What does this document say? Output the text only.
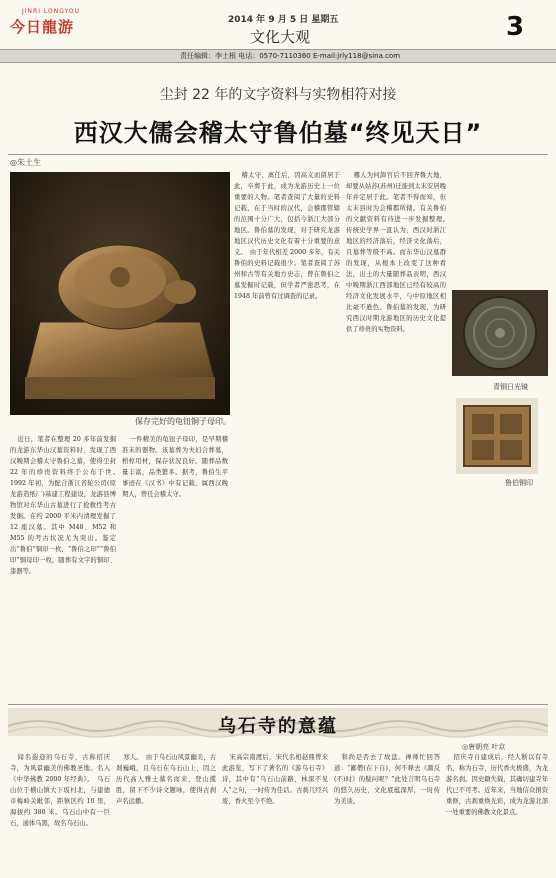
JINRI LONGYOU
今日龍游	2014 年 9 月 5 日 星期五
文化大观	3
责任编辑：李土根 电话：0570-7110360 E-mail:jrly118@sina.com
尘封 22 年的文字资料与实物相符对接
西汉大儒会稽太守鲁伯墓“终见天日”
◎朱土生
保存完好的龟钮铜子母印。

近日，笔者在整理 20 多年前发掘的龙游东华山汉墓资料时，发现了西汉晚期会稽太守鲁伯之墓，使得尘封 22 年的珍贵资料终于公布于世。　1992 年初，为配合浙江省轮公司(原龙游造纸厂)基建工程建设，龙游县博物馆对东华山古墓进行了抢救性考古发掘。在约 2000 平米内清理发掘了 12 座汉墓。其中 M48、M52 和 M55 的考古状况尤为突出。鉴定出“鲁伯”铜印一枚，“鲁伯之印”“鲁伯印”铜母印一枚，随葬有文字的铜印、漆器等。

一件精美的龟钮子母印，是早期稽准末的器物。该墓葬为夫妇合葬墓，棺椁用材，保存状况良好。随葬品数量丰富，品类繁多。据考，鲁伯生平事迹在《汉书》中有记载，属西汉晚期人，曾任会稽太守。

稽太守，离任后，因高义而留居于此，卒葬于此，成为龙游历史上一位重要的人物。笔者查阅了大量的史料记载，在于当时的汉代，会稽郡管辖的范围十分广大，包括今浙江大部分地区。鲁伯墓的发现，对于研究龙游地区汉代历史文化有着十分重要的意义。　由于年代相差 2000 多年，有关鲁伯的史料记载很少。笔者查阅了苏州和古等有关地方史志，曾在鲁伯之墓发掘时记载，但学者严密思考，在 1948 年前曾有过调查的记录。

哪人为何卸官后不回齐鲁大地，却要从姑苏(苏州)迁徙到太末安居晚年并定居于此。笔者不得而知，但太末县时为会稽郡所辖。有关鲁伯的文献资料有待进一步发掘整理。　传统史学界一直认为，西汉时浙江地区的经济落后，经济文化落后，且墓葬等级不高。而东华山汉墓群的发现，从根本上改变了这种看法，出土的大量随葬品表明，西汉中晚期浙江西部地区已经有较高的经济文化发展水平，与中原地区相比毫不逊色。鲁伯墓的发现，为研究西汉时期龙游地区的历史文化提供了珍贵的实物资料。

青铜日光镜
鲁伯铜印
乌石寺的意蕴
◎唐朝亮 叶京

闻名遐迩的乌石寺，古称招庆寺，为风景幽美的佛教圣地。名入《中华佛教 2000 年经典》。　乌石山位于横山镇大下坂村北，与建德市梅岭关毗邻，距镇区约 10 里，海拔约 380 米。乌石山中有一巨石，通体乌黑，故名乌石山。

寒人。　由于乌石山风景幽美，古刹巍峨，且乌石在乌石山上，因之历代高人雅士慕名而来，登山揽胜，留下不少诗文题咏，使得古刹声名远播。

宋高宗南渡后，宋代名相赵鼎曾来此游览，写下了著名的《游乌石寺》诗，其中有“乌石山前路，林深不见人”之句，一时传为佳话。古刹几经兴废，香火至今不绝。

和尚是否去了故盘。禅师忙回答道：“鄙僧(在下自)，何不释去《颜反(不)时》的疑问呢？”此处言明乌石寺的悠久历史，文化底蕴深厚，一时传为美谈。

招庆寺自建成后，经人断以有寺名，称为石寺，历代香火极盛，为龙游名刹。因史籍失载，其确切建寺年代已不可考。近年来，当地信众捐资重修，古刹重焕光彩，成为龙游北部一处重要的佛教文化景点。
